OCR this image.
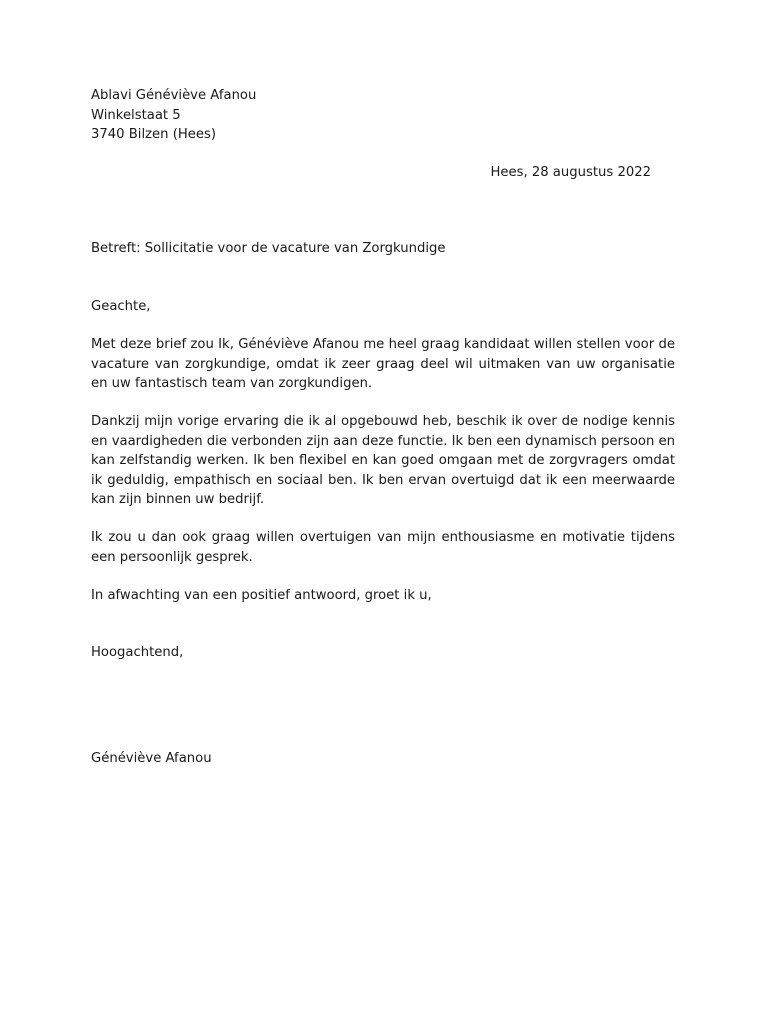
Ablavi Généviève Afanou
Winkelstaat 5
3740 Bilzen (Hees)
Hees, 28 augustus 2022
Betreft: Sollicitatie voor de vacature van Zorgkundige
Geachte,
Met deze brief zou Ik, Généviève Afanou me heel graag kandidaat willen stellen voor de vacature van zorgkundige, omdat ik zeer graag deel wil uitmaken van uw organisatie en uw fantastisch team van zorgkundigen.
Dankzij mijn vorige ervaring die ik al opgebouwd heb, beschik ik over de nodige kennis en vaardigheden die verbonden zijn aan deze functie. Ik ben een dynamisch persoon en kan zelfstandig werken. Ik ben flexibel en kan goed omgaan met de zorgvragers omdat ik geduldig, empathisch en sociaal ben. Ik ben ervan overtuigd dat ik een meerwaarde kan zijn binnen uw bedrijf.
Ik zou u dan ook graag willen overtuigen van mijn enthousiasme en motivatie tijdens een persoonlijk gesprek.
In afwachting van een positief antwoord, groet ik u,
Hoogachtend,
Généviève Afanou
